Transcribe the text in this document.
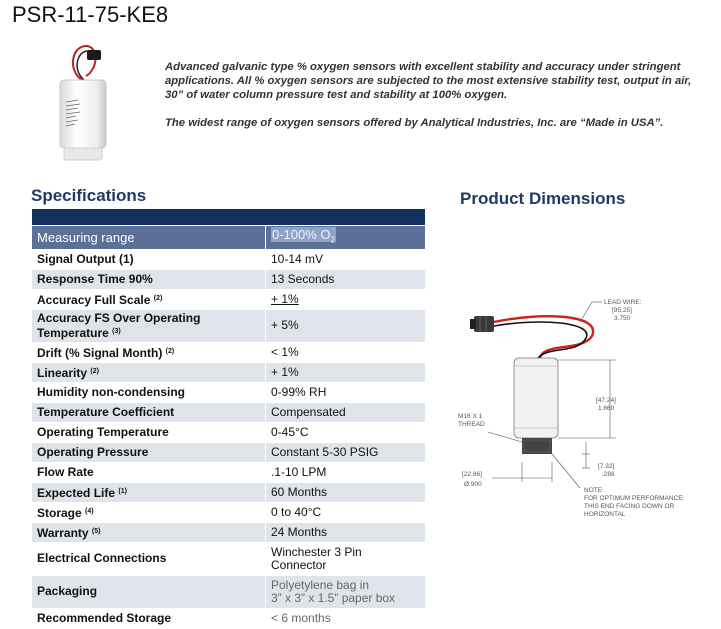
PSR-11-75-KE8

Advanced galvanic type % oxygen sensors with excellent stability and accuracy under stringent applications. All % oxygen sensors are subjected to the most extensive stability test, output in air, 30” of water column pressure test and stability at 100% oxygen.

The widest range of oxygen sensors offered by Analytical Industries, Inc. are “Made in USA”.

Specifications	Product Dimensions

Measuring range	0-100% $O_2$
Signal Output (1)	10-14 mV
Response Time 90%	13 Seconds
Accuracy Full Scale $^{(2)}$	+ 1%
Accuracy FS Over Operating Temperature $^{(3)}$	+ 5%
Drift (% Signal Month) $^{(2)}$	< 1%
Linearity $^{(2)}$	+ 1%
Humidity non-condensing	0-99% RH
Temperature Coefficient	Compensated
Operating Temperature	0-45°C
Operating Pressure	Constant 5-30 PSIG
Flow Rate	.1-10 LPM
Expected Life $^{(1)}$	60 Months
Storage $^{(4)}$	0 to 40°C
Warranty $^{(5)}$	24 Months
Electrical Connections	Winchester 3 Pin
Connector
Packaging	Polyetylene bag in
3” x 3” x 1.5” paper box
Recommended Storage	< 6 months
LEAD WIRE:
[95.25]
3.750
[47.24]
1.860
M16 X 1
THREAD
[7.32]
.288
[22.86]
Ø.900
NOTE:
FOR OPTIMUM PERFORMANCE:
THIS END FACING DOWN OR
HORIZONTAL
